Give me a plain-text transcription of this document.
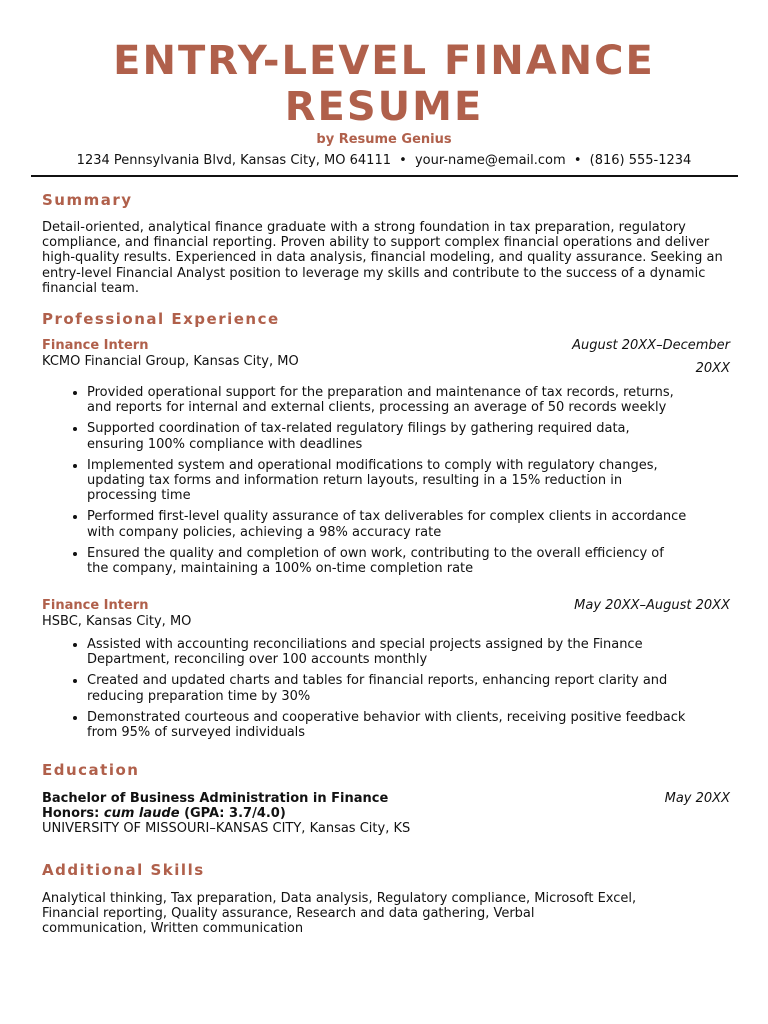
ENTRY-LEVEL FINANCE
RESUME
by Resume Genius
1234 Pennsylvania Blvd, Kansas City, MO 64111 • your-name@email.com • (816) 555-1234
Summary

Detail-oriented, analytical finance graduate with a strong foundation in tax preparation, regulatory compliance, and financial reporting. Proven ability to support complex financial operations and deliver high-quality results. Experienced in data analysis, financial modeling, and quality assurance. Seeking an entry-level Financial Analyst position to leverage my skills and contribute to the success of a dynamic financial team.

Professional Experience
Finance Intern
KCMO Financial Group, Kansas City, MO
August 20XX–December 20XX
• Provided operational support for the preparation and maintenance of tax records, returns, and reports for internal and external clients, processing an average of 50 records weekly
• Supported coordination of tax-related regulatory filings by gathering required data, ensuring 100% compliance with deadlines
• Implemented system and operational modifications to comply with regulatory changes, updating tax forms and information return layouts, resulting in a 15% reduction in processing time
• Performed first-level quality assurance of tax deliverables for complex clients in accordance with company policies, achieving a 98% accuracy rate
• Ensured the quality and completion of own work, contributing to the overall efficiency of the company, maintaining a 100% on-time completion rate
Finance Intern
HSBC, Kansas City, MO
May 20XX–August 20XX
• Assisted with accounting reconciliations and special projects assigned by the Finance Department, reconciling over 100 accounts monthly
• Created and updated charts and tables for financial reports, enhancing report clarity and reducing preparation time by 30%
• Demonstrated courteous and cooperative behavior with clients, receiving positive feedback from 95% of surveyed individuals
Education
Bachelor of Business Administration in Finance
Honors: cum laude (GPA: 3.7/4.0)
UNIVERSITY OF MISSOURI–KANSAS CITY, Kansas City, KS
May 20XX
Additional Skills

Analytical thinking, Tax preparation, Data analysis, Regulatory compliance, Microsoft Excel, Financial reporting, Quality assurance, Research and data gathering, Verbal communication, Written communication
